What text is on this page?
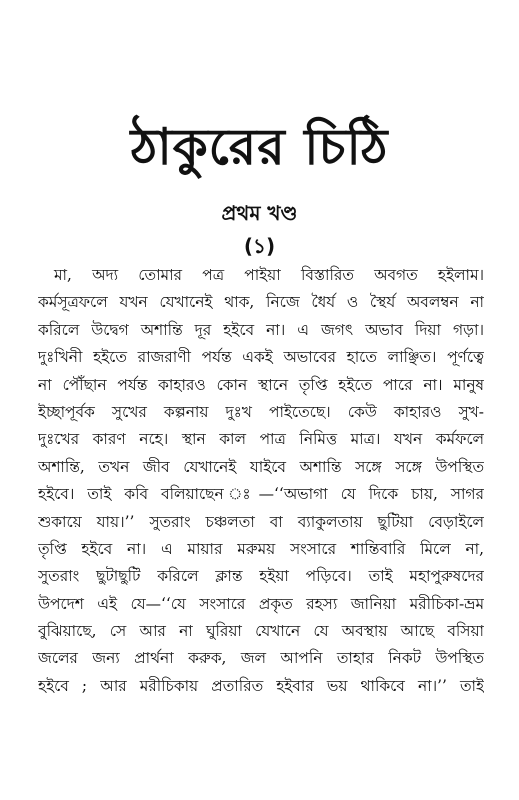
ঠাকুরের চিঠি
প্রথম খণ্ড
(১)
মা, অদ্য তোমার পত্র পাইয়া বিস্তারিত অবগত হইলাম।
কর্মসূত্রফলে যখন যেখানেই থাক, নিজে ধৈর্য ও স্থৈর্য অবলম্বন না
করিলে উদ্বেগ অশান্তি দূর হইবে না। এ জগৎ অভাব দিয়া গড়া।
দুঃখিনী হইতে রাজরাণী পর্যন্ত একই অভাবের হাতে লাঞ্ছিত। পূর্ণত্বে
না পৌঁছান পর্যন্ত কাহারও কোন স্থানে তৃপ্তি হইতে পারে না। মানুষ
ইচ্ছাপূর্বক সুখের কল্পনায় দুঃখ পাইতেছে। কেউ কাহারও সুখ-
দুঃখের কারণ নহে। স্থান কাল পাত্র নিমিত্ত মাত্র। যখন কর্মফলে
অশান্তি, তখন জীব যেখানেই যাইবে অশান্তি সঙ্গে সঙ্গে উপস্থিত
হইবে। তাই কবি বলিয়াছেন ঃ—‘‘অভাগা যে দিকে চায়, সাগর
শুকায়ে যায়।’’ সুতরাং চঞ্চলতা বা ব্যাকুলতায় ছুটিয়া বেড়াইলে
তৃপ্তি হইবে না। এ মায়ার মরুময় সংসারে শান্তিবারি মিলে না,
সুতরাং ছুটাছুটি করিলে ক্লান্ত হইয়া পড়িবে। তাই মহাপুরুষদের
উপদেশ এই যে—‘‘যে সংসারে প্রকৃত রহস্য জানিয়া মরীচিকা-ভ্রম
বুঝিয়াছে, সে আর না ঘুরিয়া যেখানে যে অবস্থায় আছে বসিয়া
জলের জন্য প্রার্থনা করুক, জল আপনি তাহার নিকট উপস্থিত
হইবে ; আর মরীচিকায় প্রতারিত হইবার ভয় থাকিবে না।’’ তাই
